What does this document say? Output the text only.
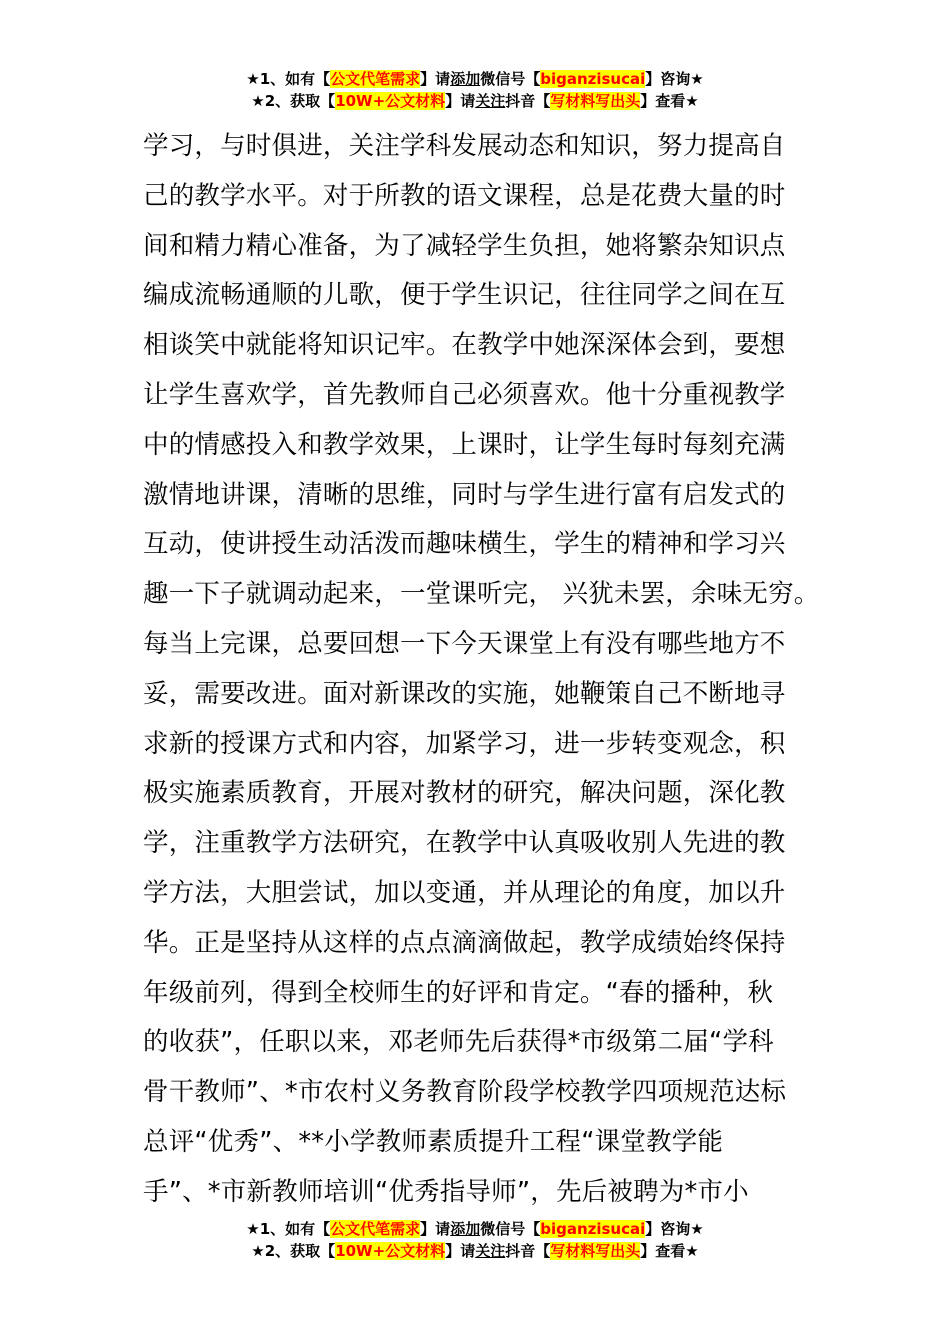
★1、如有【公文代笔需求】请添加微信号【biganzisucai】咨询★
★2、获取【10W+公文材料】请关注抖音【写材料写出头】查看★
学习，与时俱进，关注学科发展动态和知识，努力提高自
己的教学水平。对于所教的语文课程，总是花费大量的时
间和精力精心准备，为了减轻学生负担，她将繁杂知识点
编成流畅通顺的儿歌，便于学生识记，往往同学之间在互
相谈笑中就能将知识记牢。在教学中她深深体会到，要想
让学生喜欢学，首先教师自己必须喜欢。他十分重视教学
中的情感投入和教学效果，上课时，让学生每时每刻充满
激情地讲课，清晰的思维，同时与学生进行富有启发式的
互动，使讲授生动活泼而趣味横生，学生的精神和学习兴
趣一下子就调动起来，一堂课听完， 兴犹未罢，余味无穷。
每当上完课，总要回想一下今天课堂上有没有哪些地方不
妥，需要改进。面对新课改的实施，她鞭策自己不断地寻
求新的授课方式和内容，加紧学习，进一步转变观念，积
极实施素质教育，开展对教材的研究，解决问题，深化教
学，注重教学方法研究，在教学中认真吸收别人先进的教
学方法，大胆尝试，加以变通，并从理论的角度，加以升
华。正是坚持从这样的点点滴滴做起，教学成绩始终保持
年级前列，得到全校师生的好评和肯定。“春的播种，秋
的收获”，任职以来，邓老师先后获得*市级第二届“学科
骨干教师”、*市农村义务教育阶段学校教学四项规范达标
总评“优秀”、**小学教师素质提升工程“课堂教学能
手”、*市新教师培训“优秀指导师”，先后被聘为*市小
★1、如有【公文代笔需求】请添加微信号【biganzisucai】咨询★
★2、获取【10W+公文材料】请关注抖音【写材料写出头】查看★
